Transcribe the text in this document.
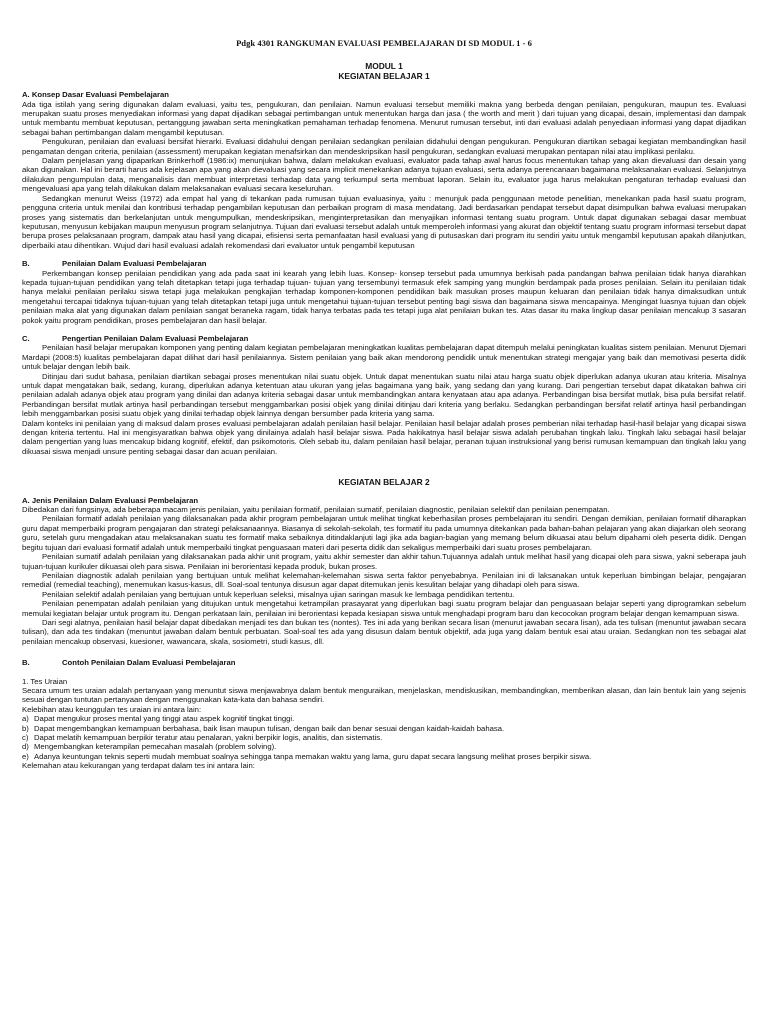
Pdgk 4301 RANGKUMAN EVALUASI PEMBELAJARAN DI SD MODUL 1 - 6
MODUL 1
KEGIATAN BELAJAR 1
A. Konsep Dasar Evaluasi Pembelajaran

Ada tiga istilah yang sering digunakan dalam evaluasi, yaitu tes, pengukuran, dan penilaian. Namun evaluasi tersebut memiliki makna yang berbeda dengan penilaian, pengukuran, maupun tes. Evaluasi merupakan suatu proses menyediakan informasi yang dapat dijadikan sebagai pertimbangan untuk menentukan harga dan jasa ( the worth and merit ) dari tujuan yang dicapai, desain, implementasi dan dampak untuk membantu membuat keputusan, pertanggung jawaban serta meningkatkan pemahaman terhadap fenomena. Menurut rumusan tersebut, inti dari evaluasi adalah penyediaan informasi yang dapat dijadikan sebagai bahan pertimbangan dalam mengambil keputusan.

Pengukuran, penilaian dan evaluasi bersifat hierarki. Evaluasi didahului dengan penilaian sedangkan penilaian didahului dengan pengukuran. Pengukuran diartikan sebagai kegiatan membandingkan hasil pengamatan dengan criteria, penilaian (assessment) merupakan kegiatan menafsirkan dan mendeskripsikan hasil pengukuran, sedangkan evaluasi merupakan pentapan nilai atau implikasi perilaku.

Dalam penjelasan yang dipaparkan Brinkerhoff (1986:ix) menunjukan bahwa, dalam melakukan evaluasi, evaluator pada tahap awal harus focus menentukan tahap yang akan dievaluasi dan desain yang akan digunakan. Hal ini berarti harus ada kejelasan apa yang akan dievaluasi yang secara implicit menekankan adanya tujuan evaluasi, serta adanya perencanaan bagaimana melaksanakan evaluasi. Selanjutnya dilakukan pengumpulan data, menganalisis dan membuat interpretasi terhadap data yang terkumpul serta membuat laporan. Selain itu, evaluator juga harus melakukan pengaturan terhadap evaluasi dan mengevaluasi apa yang telah dilakukan dalam melaksanakan evaluasi secara keseluruhan.

Sedangkan menurut Weiss (1972) ada empat hal yang di tekankan pada rumusan tujuan evaluasinya, yaitu : menunjuk pada penggunaan metode penelitian, menekankan pada hasil suatu program, pengguna criteria untuk menilai dan kontribusi terhadap pengambilan keputusan dan perbaikan program di masa mendatang. Jadi berdasarkan pendapat tersebut dapat disimpulkan bahwa evaluasi merupakan proses yang sistematis dan berkelanjutan untuk mengumpulkan, mendeskripsikan, menginterpretasikan dan menyajikan informasi tentang suatu program. Untuk dapat digunakan sebagai dasar membuat keputusan, menyusun kebijakan maupun menyusun program selanjutnya. Tujuan dari evaluasi tersebut adalah untuk memperoleh informasi yang akurat dan objektif tentang suatu program informasi tersebut dapat berupa proses pelaksanaan program, dampak atau hasil yang dicapai, efisiensi serta pemanfaatan hasil evaluasi yang di putusaskan dari program itu sendiri yaitu untuk mengambil keputusan apakah dilanjutkan, diperbaiki atau dihentikan. Wujud dari hasil evaluasi adalah rekomendasi dari evaluator untuk pengambil keputusan

B.	Penilaian Dalam Evaluasi Pembelajaran

Perkembangan konsep penilaian pendidikan yang ada pada saat ini kearah yang lebih luas. Konsep- konsep tersebut pada umumnya berkisah pada pandangan bahwa penilaian tidak hanya diarahkan kepada tujuan-tujuan pendidikan yang telah ditetapkan tetapi juga terhadap tujuan- tujuan yang tersembunyi termasuk efek samping yang mungkin berdampak pada proses penilaian. Selain itu penilaian tidak hanya melalui penilaian perilaku siswa tetapi juga melakukan pengkajian terhadap komponen-komponen pendidikan baik masukan proses maupun keluaran dan penilaian tidak hanya dimaksudkan untuk mengetahui tercapai tidaknya tujuan-tujuan yang telah ditetapkan tetapi juga untuk mengetahui tujuan-tujuan tersebut penting bagi siswa dan bagaimana siswa mencapainya. Mengingat luasnya tujuan dan objek penilaian maka alat yang digunakan dalam penilaian sangat beraneka ragam, tidak hanya terbatas pada tes tetapi juga alat penilaian bukan tes. Atas dasar itu maka lingkup dasar penilaian mencakup 3 sasaran pokok yaitu program pendidikan, proses pembelajaran dan hasil belajar.

C.	Pengertian Penilaian Dalam Evaluasi Pembelajaran

Penilaian hasil belajar merupakan komponen yang penting dalam kegiatan pembelajaran meningkatkan kualitas pembelajaran dapat ditempuh melalui peningkatan kualitas sistem penilaian. Menurut Djemari Mardapi (2008:5) kualitas pembelajaran dapat dilihat dari hasil penilaiannya. Sistem penilaian yang baik akan mendorong pendidik untuk menentukan strategi mengajar yang baik dan memotivasi peserta didik untuk belajar dengan lebih baik.

Ditinjau dari sudut bahasa, penilaian diartikan sebagai proses menentukan nilai suatu objek. Untuk dapat menentukan suatu nilai atau harga suatu objek diperlukan adanya ukuran atau kriteria. Misalnya untuk dapat mengatakan baik, sedang, kurang, diperlukan adanya ketentuan atau ukuran yang jelas bagaimana yang baik, yang sedang dan yang kurang. Dari pengertian tersebut dapat dikatakan bahwa ciri penilaian adalah adanya objek atau program yang dinilai dan adanya kriteria sebagai dasar untuk membandingkan antara kenyataan atau apa adanya. Perbandingan bisa bersifat mutlak, bisa pula bersifat relatif. Perbandingan bersifat mutlak artinya hasil perbandingan tersebut menggambarkan posisi objek yang dinilai ditinjau dari kriteria yang berlaku. Sedangkan perbandingan bersifat relatif artinya hasil perbandingan lebih menggambarkan posisi suatu objek yang dinilai terhadap objek lainnya dengan bersumber pada kriteria yang sama.

Dalam konteks ini penilaian yang di maksud dalam proses evaluasi pembelajaran adalah penilaian hasil belajar. Penilaian hasil belajar adalah proses pemberian nilai terhadap hasil-hasil belajar yang dicapai siswa dengan kriteria tertentu. Hal ini mengisyaratkan bahwa objek yang dinilainya adalah hasil belajar siswa. Pada hakikatnya hasil belajar siswa adalah perubahan tingkah laku. Tingkah laku sebagai hasil belajar dalam pengertian yang luas mencakup bidang kognitif, efektif, dan psikomotoris. Oleh sebab itu, dalam penilaian hasil belajar, peranan tujuan instruksional yang berisi rumusan kemampuan dan tingkah laku yang dikuasai siswa menjadi unsure penting sebagai dasar dan acuan penilaian.

KEGIATAN BELAJAR 2
A. Jenis Penilaian Dalam Evaluasi Pembelajaran

Dibedakan dari fungsinya, ada beberapa macam jenis penilaian, yaitu penilaian formatif, penilaian sumatif, penilaian diagnostic, penilaian selektif dan penilaian penempatan.

Penilaian formatif adalah penilaian yang dilaksanakan pada akhir program pembelajaran untuk melihat tingkat keberhasilan proses pembelajaran itu sendiri. Dengan demikian, penilaian formatif diharapkan guru dapat memperbaiki program pengajaran dan strategi pelaksanaannya. Biasanya di sekolah-sekolah, tes formatif itu pada umumnya ditekankan pada bahan-bahan pelajaran yang akan diajarkan oleh seorang guru, setelah guru mengadakan atau melaksanakan suatu tes formatif maka sebaiknya ditindaklanjuti lagi jika ada bagian-bagian yang memang belum dikuasai atau belum dipahami oleh peserta didik. Dengan begitu tujuan dari evaluasi formatif adalah untuk memperbaiki tingkat penguasaan materi dari peserta didik dan sekaligus memperbaiki dari suatu proses pembelajaran.

Penilaian sumatif adalah penilaian yang dilaksanakan pada akhir unit program, yaitu akhir semester dan akhir tahun.Tujuannya adalah untuk melihat hasil yang dicapai oleh para siswa, yakni seberapa jauh tujuan-tujuan kurikuler dikuasai oleh para siswa. Penilaian ini berorientasi kepada produk, bukan proses.

Penilaian diagnostik adalah penilaian yang bertujuan untuk melihat kelemahan-kelemahan siswa serta faktor penyebabnya. Penilaian ini di laksanakan untuk keperluan bimbingan belajar, pengajaran remedial (remedial teaching), menemukan kasus-kasus, dll. Soal-soal tentunya disusun agar dapat ditemukan jenis kesulitan belajar yang dihadapi oleh para siswa.

Penilaian selektif adalah penilaian yang bertujuan untuk keperluan seleksi, misalnya ujian saringan masuk ke lembaga pendidikan tertentu.

Penilaian penempatan adalah penilaian yang ditujukan untuk mengetahui ketrampilan prasayarat yang diperlukan bagi suatu program belajar dan penguasaan belajar seperti yang diprogramkan sebelum memulai kegiatan belajar untuk program itu. Dengan perkataan lain, penilaian ini berorientasi kepada kesiapan siswa untuk menghadapi program baru dan kecocokan program belajar dengan kemampuan siswa.

Dari segi alatnya, penilaian hasil belajar dapat dibedakan menjadi tes dan bukan tes (nontes). Tes ini ada yang berikan secara lisan (menurut jawaban secara lisan), ada tes tulisan (menuntut jawaban secara tulisan), dan ada tes tindakan (menuntut jawaban dalam bentuk perbuatan. Soal-soal tes ada yang disusun dalam bentuk objektif, ada juga yang dalam bentuk esai atau uraian. Sedangkan non tes sebagai alat penilaian mencakup observasi, kuesioner, wawancara, skala, sosiometri, studi kasus, dll.

B.	Contoh Penilaian Dalam Evaluasi Pembelajaran

1. Tes Uraian

Secara umum tes uraian adalah pertanyaan yang menuntut siswa menjawabnya dalam bentuk menguraikan, menjelaskan, mendiskusikan, membandingkan, memberikan alasan, dan lain bentuk lain yang sejenis sesuai dengan tuntutan pertanyaan dengan menggunakan kata-kata dan bahasa sendiri.

Kelebihan atau keunggulan tes uraian ini antara lain:

a) Dapat mengukur proses mental yang tinggi atau aspek kognitif tingkat tinggi.
b) Dapat mengembangkan kemampuan berbahasa, baik lisan maupun tulisan, dengan baik dan benar sesuai dengan kaidah-kaidah bahasa.
c) Dapat melatih kemampuan berpikir teratur atau penalaran, yakni berpikir logis, analitis, dan sistematis.
d) Mengembangkan keterampilan pemecahan masalah (problem solving).
e) Adanya keuntungan teknis seperti mudah membuat soalnya sehingga tanpa memakan waktu yang lama, guru dapat secara langsung melihat proses berpikir siswa.

Kelemahan atau kekurangan yang terdapat dalam tes ini antara lain:
